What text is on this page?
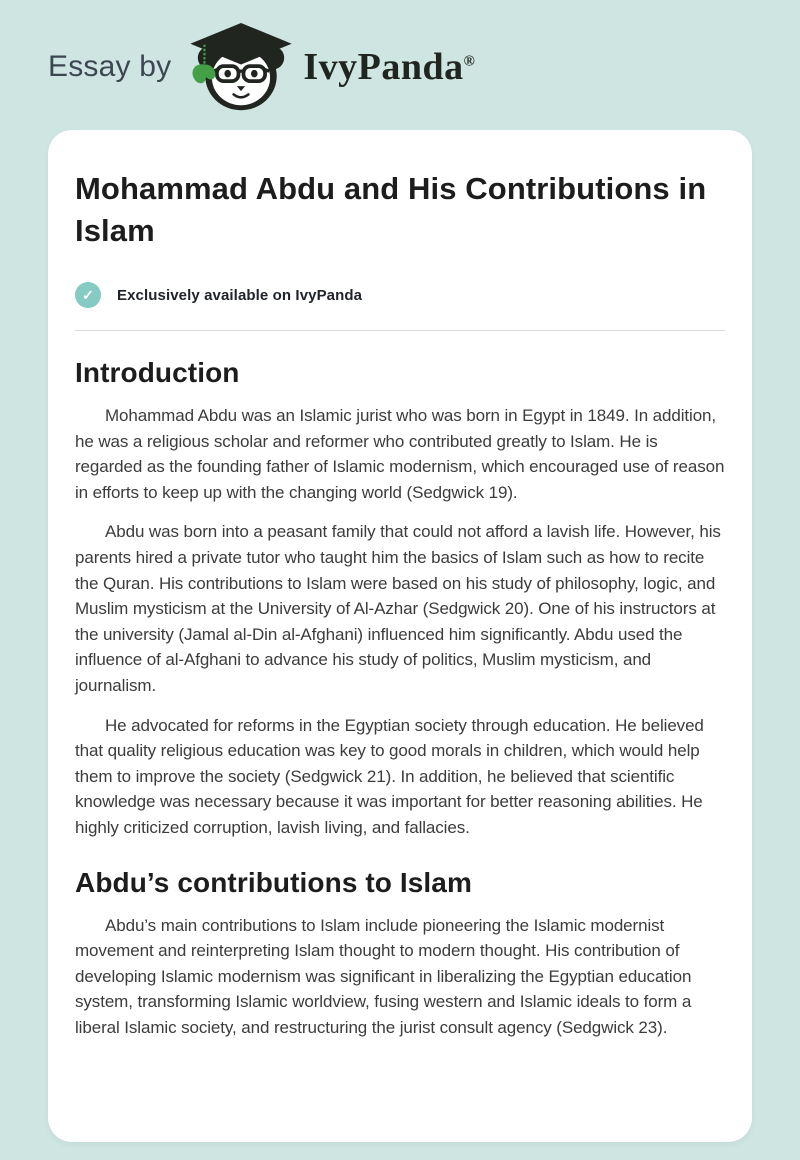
Essay by	IvyPanda®
Mohammad Abdu and His Contributions in Islam
✓	Exclusively available on IvyPanda
Introduction

Mohammad Abdu was an Islamic jurist who was born in Egypt in 1849. In addition, he was a religious scholar and reformer who contributed greatly to Islam. He is regarded as the founding father of Islamic modernism, which encouraged use of reason in efforts to keep up with the changing world (Sedgwick 19).

Abdu was born into a peasant family that could not afford a lavish life. However, his parents hired a private tutor who taught him the basics of Islam such as how to recite the Quran. His contributions to Islam were based on his study of philosophy, logic, and Muslim mysticism at the University of Al-Azhar (Sedgwick 20). One of his instructors at the university (Jamal al-Din al-Afghani) influenced him significantly. Abdu used the influence of al-Afghani to advance his study of politics, Muslim mysticism, and journalism.

He advocated for reforms in the Egyptian society through education. He believed that quality religious education was key to good morals in children, which would help them to improve the society (Sedgwick 21). In addition, he believed that scientific knowledge was necessary because it was important for better reasoning abilities. He highly criticized corruption, lavish living, and fallacies.

Abdu’s contributions to Islam

Abdu’s main contributions to Islam include pioneering the Islamic modernist movement and reinterpreting Islam thought to modern thought. His contribution of developing Islamic modernism was significant in liberalizing the Egyptian education system, transforming Islamic worldview, fusing western and Islamic ideals to form a liberal Islamic society, and restructuring the jurist consult agency (Sedgwick 23).
